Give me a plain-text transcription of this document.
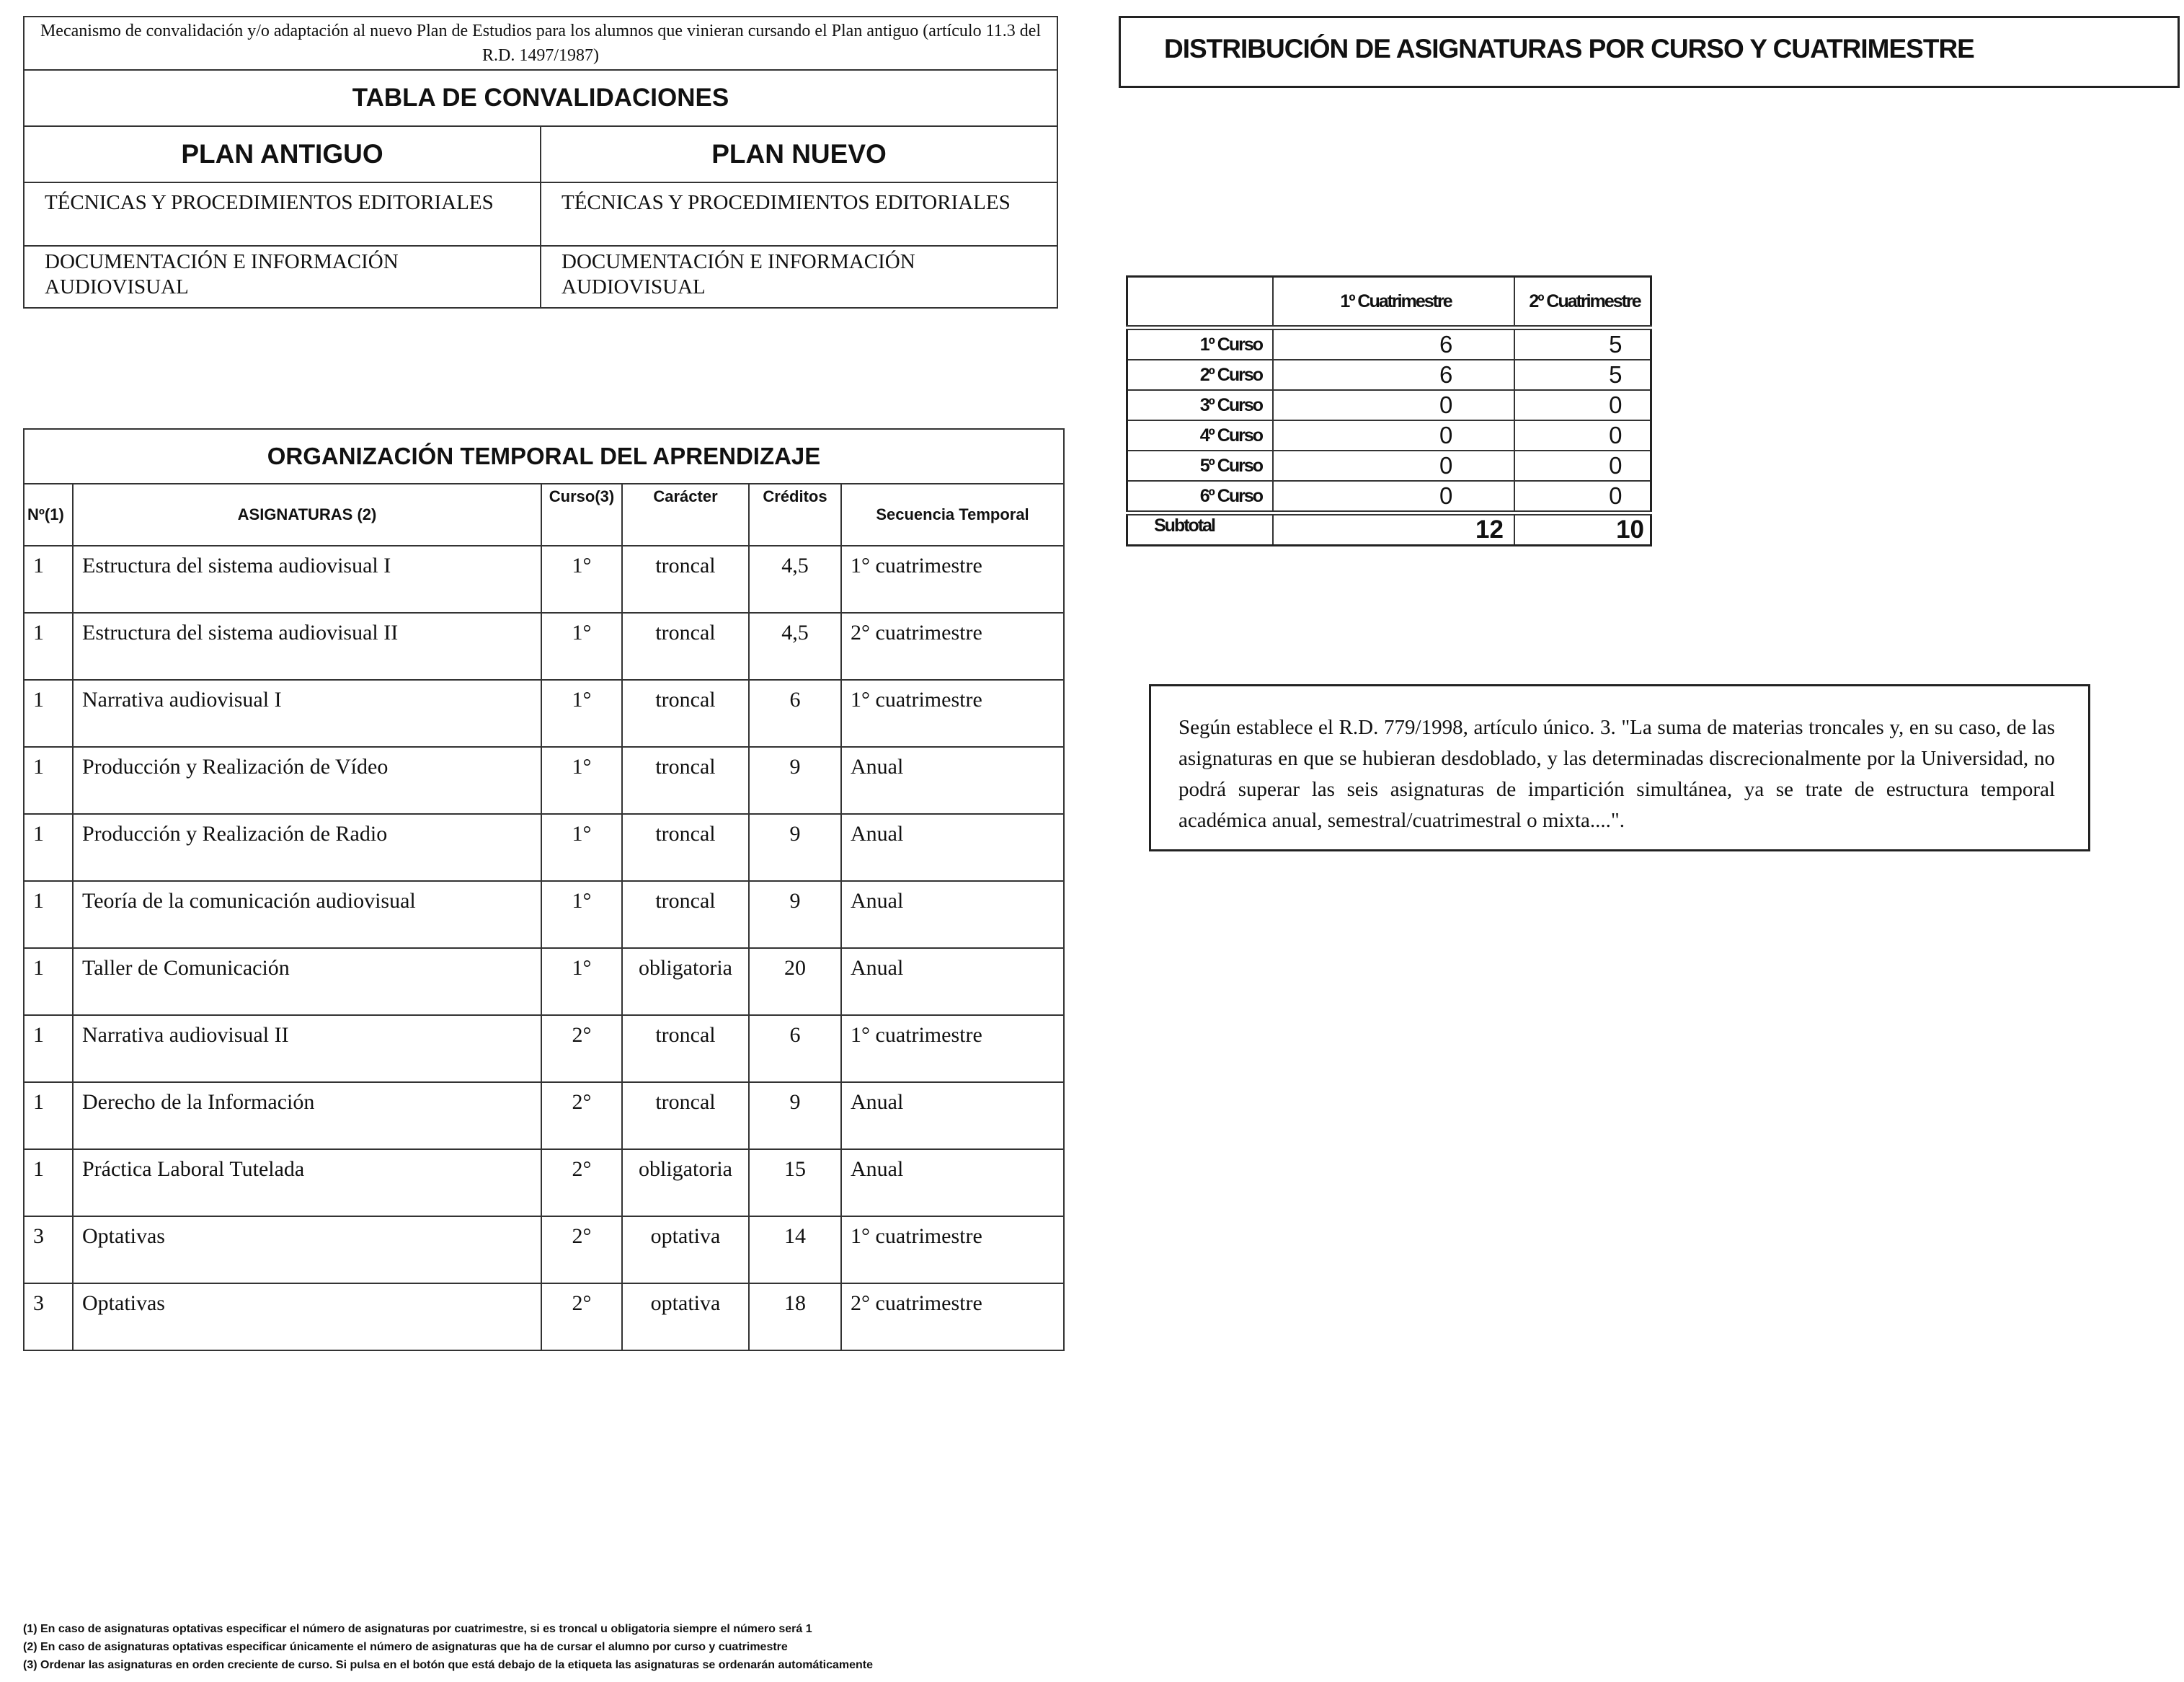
Mecanismo de convalidación y/o adaptación al nuevo Plan de Estudios para los alumnos que vinieran cursando el Plan antiguo (artículo 11.3 del R.D. 1497/1987)	
TABLA DE CONVALIDACIONES	
PLAN ANTIGUO	PLAN NUEVO
TÉCNICAS Y PROCEDIMIENTOS EDITORIALES	TÉCNICAS Y PROCEDIMIENTOS EDITORIALES
DOCUMENTACIÓN E INFORMACIÓN AUDIOVISUAL	DOCUMENTACIÓN E INFORMACIÓN AUDIOVISUAL
ORGANIZACIÓN TEMPORAL DEL APRENDIZAJE					
Nº(1)	ASIGNATURAS (2)	Curso(3)	Carácter	Créditos	Secuencia Temporal
1	Estructura del sistema audiovisual I	1°	troncal	4,5	1° cuatrimestre
1	Estructura del sistema audiovisual II	1°	troncal	4,5	2° cuatrimestre
1	Narrativa audiovisual I	1°	troncal	6	1° cuatrimestre
1	Producción y Realización de Vídeo	1°	troncal	9	Anual
1	Producción y Realización de Radio	1°	troncal	9	Anual
1	Teoría de la comunicación audiovisual	1°	troncal	9	Anual
1	Taller de Comunicación	1°	obligatoria	20	Anual
1	Narrativa audiovisual II	2°	troncal	6	1° cuatrimestre
1	Derecho de la Información	2°	troncal	9	Anual
1	Práctica Laboral Tutelada	2°	obligatoria	15	Anual
3	Optativas	2°	optativa	14	1° cuatrimestre
3	Optativas	2°	optativa	18	2° cuatrimestre
DISTRIBUCIÓN DE ASIGNATURAS POR CURSO Y CUATRIMESTRE
	1º Cuatrimestre	2º Cuatrimestre
1º Curso	6	5
2º Curso	6	5
3º Curso	0	0
4º Curso	0	0
5º Curso	0	0
6º Curso	0	0
Subtotal	12	10
Según establece el R.D. 779/1998, artículo único. 3. "La suma de materias troncales y, en su caso, de las asignaturas en que se hubieran desdoblado, y las determinadas discrecionalmente por la Universidad, no podrá superar las seis asignaturas de impartición simultánea, ya se trate de estructura temporal académica anual, semestral/cuatrimestral o mixta....".
(1) En caso de asignaturas optativas especificar el número de asignaturas por cuatrimestre, si es troncal u obligatoria siempre el número será 1
(2) En caso de asignaturas optativas especificar únicamente el número de asignaturas que ha de cursar el alumno por curso y cuatrimestre
(3) Ordenar las asignaturas en orden creciente de curso. Si pulsa en el botón que está debajo de la etiqueta las asignaturas se ordenarán automáticamente
